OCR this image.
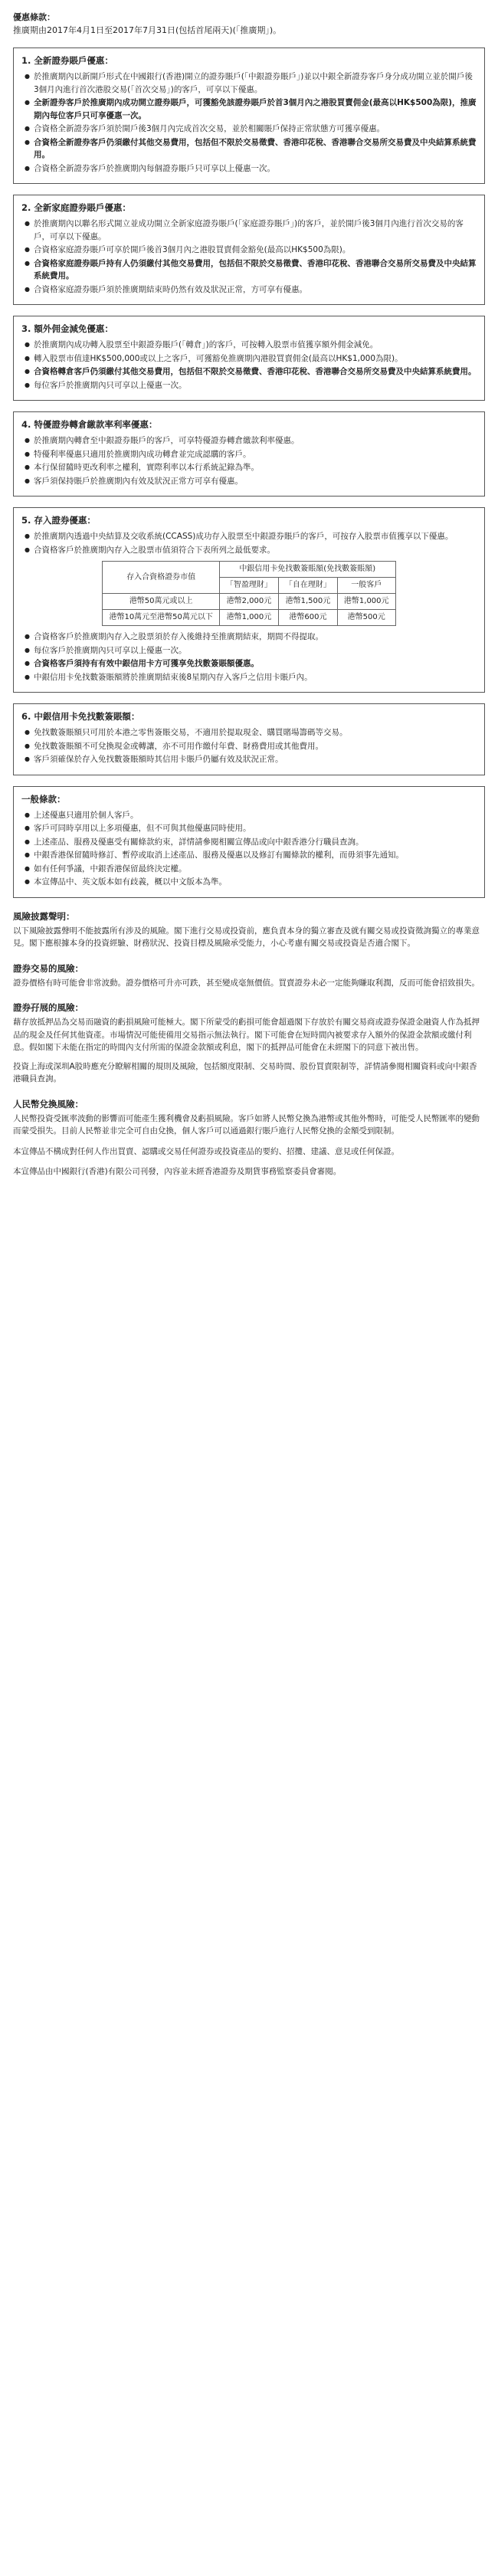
優惠條款：
推廣期由2017年4月1日至2017年7月31日(包括首尾兩天)(「推廣期」)。
1. 全新證券賬戶優惠：
● 於推廣期內以新開戶形式在中國銀行(香港)開立的證券賬戶(「中銀證券賬戶」)並以中銀全新證券客戶身分成功開立並於開戶後3個月內進行首次港股交易(「首次交易」)的客戶，可享以下優惠。
● 全新證券客戶於推廣期內成功開立證券賬戶，可獲豁免該證券賬戶於首3個月內之港股買賣佣金(最高以HK$500為限)，推廣期內每位客戶只可享優惠一次。
● 合資格全新證券客戶須於開戶後3個月內完成首次交易，並於相關賬戶保持正常狀態方可獲享優惠。
● 合資格全新證券客戶仍須繳付其他交易費用，包括但不限於交易徵費、香港印花稅、香港聯合交易所交易費及中央結算系統費用。
● 合資格全新證券客戶於推廣期內每個證券賬戶只可享以上優惠一次。
2. 全新家庭證券賬戶優惠：
● 於推廣期內以聯名形式開立並成功開立全新家庭證券賬戶(「家庭證券賬戶」)的客戶，並於開戶後3個月內進行首次交易的客戶，可享以下優惠。
● 合資格家庭證券賬戶可享於開戶後首3個月內之港股買賣佣金豁免(最高以HK$500為限)。
● 合資格家庭證券賬戶持有人仍須繳付其他交易費用，包括但不限於交易徵費、香港印花稅、香港聯合交易所交易費及中央結算系統費用。
● 合資格家庭證券賬戶須於推廣期結束時仍然有效及狀況正常，方可享有優惠。
3. 額外佣金減免優惠：
● 於推廣期內成功轉入股票至中銀證券賬戶(「轉倉」)的客戶，可按轉入股票市值獲享額外佣金減免。
● 轉入股票市值達HK$500,000或以上之客戶，可獲豁免推廣期內港股買賣佣金(最高以HK$1,000為限)。
● 合資格轉倉客戶仍須繳付其他交易費用，包括但不限於交易徵費、香港印花稅、香港聯合交易所交易費及中央結算系統費用。
● 每位客戶於推廣期內只可享以上優惠一次。
4. 特優證券轉倉繳款率利率優惠：
● 於推廣期內轉倉至中銀證券賬戶的客戶，可享特優證券轉倉繳款利率優惠。
● 特優利率優惠只適用於推廣期內成功轉倉並完成認購的客戶。
● 本行保留隨時更改利率之權利，實際利率以本行系統記錄為準。
● 客戶須保持賬戶於推廣期內有效及狀況正常方可享有優惠。
5. 存入證券優惠：
● 於推廣期內透過中央結算及交收系統(CCASS)成功存入股票至中銀證券賬戶的客戶，可按存入股票市值獲享以下優惠。
● 合資格客戶於推廣期內存入之股票市值須符合下表所列之最低要求。
存入合資格證券市值	中銀信用卡免找數簽賬額(免找數簽賬額)		
	「智盈理財」	「自在理財」	一般客戶
港幣50萬元或以上	港幣2,000元	港幣1,500元	港幣1,000元
港幣10萬元至港幣50萬元以下	港幣1,000元	港幣600元	港幣500元
● 合資格客戶於推廣期內存入之股票須於存入後維持至推廣期結束，期間不得提取。
● 每位客戶於推廣期內只可享以上優惠一次。
● 合資格客戶須持有有效中銀信用卡方可獲享免找數簽賬額優惠。
● 中銀信用卡免找數簽賬額將於推廣期結束後8星期內存入客戶之信用卡賬戶內。
6. 中銀信用卡免找數簽賬額：
● 免找數簽賬額只可用於本港之零售簽賬交易，不適用於提取現金、購買賭場籌碼等交易。
● 免找數簽賬額不可兌換現金或轉讓，亦不可用作繳付年費、財務費用或其他費用。
● 客戶須確保於存入免找數簽賬額時其信用卡賬戶仍屬有效及狀況正常。
一般條款：
● 上述優惠只適用於個人客戶。
● 客戶可同時享用以上多項優惠，但不可與其他優惠同時使用。
● 上述產品、服務及優惠受有關條款約束，詳情請參閱相關宣傳品或向中銀香港分行職員查詢。
● 中銀香港保留隨時修訂、暫停或取消上述產品、服務及優惠以及修訂有關條款的權利，而毋須事先通知。
● 如有任何爭議，中銀香港保留最終決定權。
● 本宣傳品中、英文版本如有歧義，概以中文版本為準。
風險披露聲明：
以下風險披露聲明不能披露所有涉及的風險。閣下進行交易或投資前，應負責本身的獨立審查及就有關交易或投資徵詢獨立的專業意見。閣下應根據本身的投資經驗、財務狀況、投資目標及風險承受能力，小心考慮有關交易或投資是否適合閣下。
證券交易的風險：
證券價格有時可能會非常波動。證券價格可升亦可跌，甚至變成毫無價值。買賣證券未必一定能夠賺取利潤，反而可能會招致損失。
證券孖展的風險：
藉存放抵押品為交易而融資的虧損風險可能極大。閣下所蒙受的虧損可能會超過閣下存放於有關交易商或證券保證金融資人作為抵押品的現金及任何其他資產。市場情況可能使備用交易指示無法執行。閣下可能會在短時間內被要求存入額外的保證金款額或繳付利息。假如閣下未能在指定的時間內支付所需的保證金款額或利息，閣下的抵押品可能會在未經閣下的同意下被出售。
投資上海或深圳A股時應充分瞭解相關的規則及風險，包括額度限制、交易時間、股份買賣限制等，詳情請參閱相關資料或向中銀香港職員查詢。
人民幣兌換風險：
人民幣投資受匯率波動的影響而可能產生獲利機會及虧損風險。客戶如將人民幣兌換為港幣或其他外幣時，可能受人民幣匯率的變動而蒙受損失。目前人民幣並非完全可自由兌換，個人客戶可以通過銀行賬戶進行人民幣兌換的金額受到限制。
本宣傳品不構成對任何人作出買賣、認購或交易任何證券或投資產品的要約、招攬、建議、意見或任何保證。
本宣傳品由中國銀行(香港)有限公司刊發，內容並未經香港證券及期貨事務監察委員會審閱。
